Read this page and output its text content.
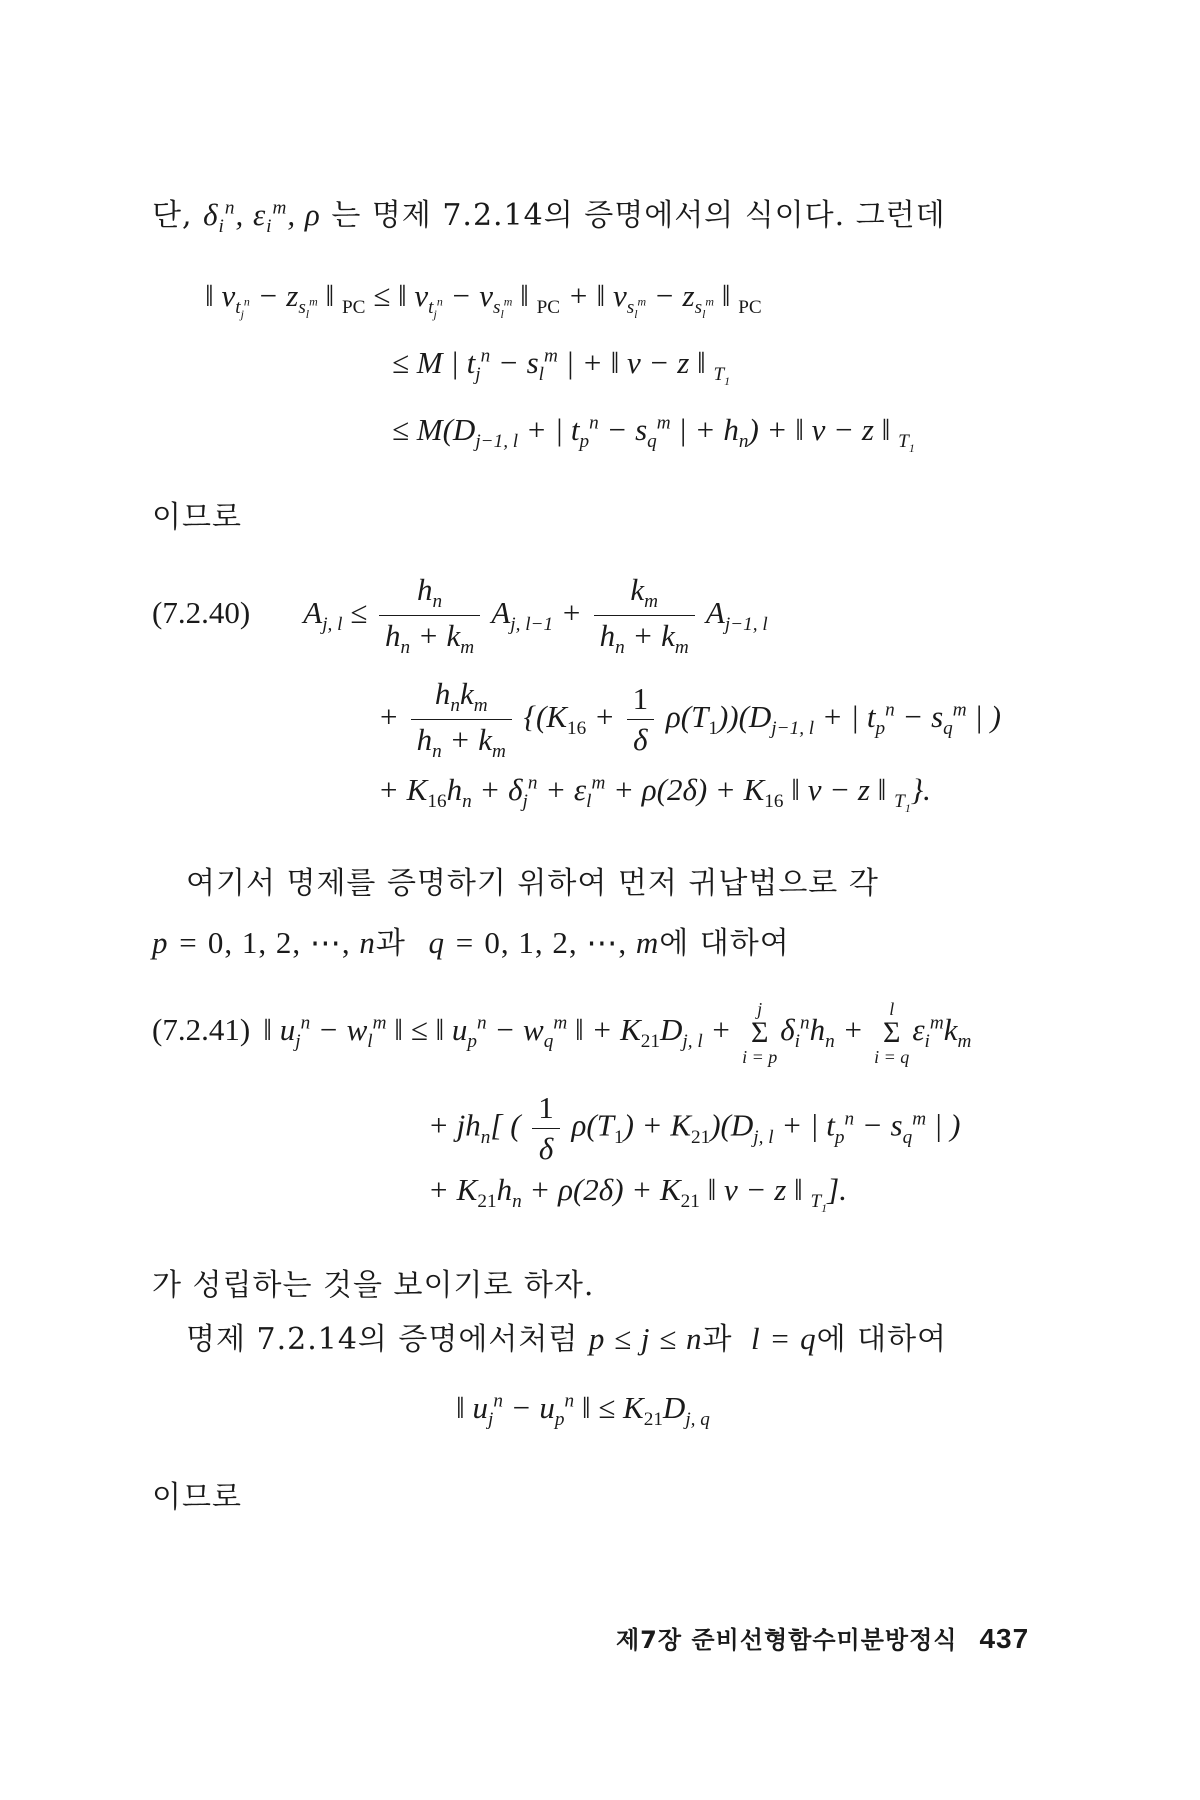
단, $\delta_i^n$, $\varepsilon_i^m$, ρ 는 명제 7.2.14의 증명에서의 식이다. 그런데
‖ $v_{t_j^n} - z_{s_l^m}$ ‖ $_{PC}$ ≤ ‖ $v_{t_j^n} - v_{s_l^m}$ ‖ $_{PC}$ + ‖ $v_{s_l^m} - z_{s_l^m}$ ‖ $_{PC}$
≤ M | $t_j^n - s_l^m$ | + ‖ v − z ‖ $_{T_1}$
≤ $M(D_{j-1, l}$ + | $t_p^n - s_q^m$ | + $h_n$) + ‖ v − z ‖ $_{T_1}$
이므로
(7.2.40) $A_{j, l} \le \frac{h_n}{h_n + k_m} A_{j, l-1} + \frac{k_m}{h_n + k_m} A_{j-1, l}$
+ $\frac{h_nk_m}{h_n + k_m} \{(K_{16} + \frac{1}{\delta} \rho(T_1))(D_{j-1, l}$ + | $t_p^n - s_q^m$ | )
+ $K_{16}h_n + \delta_j^n + \varepsilon_l^m + \rho(2\delta) + K_{16}$ ‖ v − z ‖ $_{T_1}$}.
여기서 명제를 증명하기 위하여 먼저 귀납법으로 각
p = 0, 1, 2, ⋯, n과 q = 0, 1, 2, ⋯, m에 대하여
(7.2.41) ‖ $u_j^n - w_l^m$ ‖ ≤ ‖ $u_p^n - w_q^m$ ‖ + $K_{21}D_{j, l}$ +
j
Σ
i = p
$\delta_i^nh_n$ +
l
Σ
i = q
$\varepsilon_i^mk_m$
+ $jh_n$[ ( $\frac{1}{\delta} \rho(T_1) + K_{21})(D_{j, l}$ + | $t_p^n - s_q^m$ | )
+ $K_{21}h_n + \rho(2\delta) + K_{21}$ ‖ v − z ‖ $_{T_1}$].
가 성립하는 것을 보이기로 하자.
명제 7.2.14의 증명에서처럼 p ≤ j ≤ n과 l = q에 대하여
‖ $u_j^n - u_p^n$ ‖ ≤ $K_{21}D_{j, q}$
이므로
제7장 준비선형함수미분방정식 437
